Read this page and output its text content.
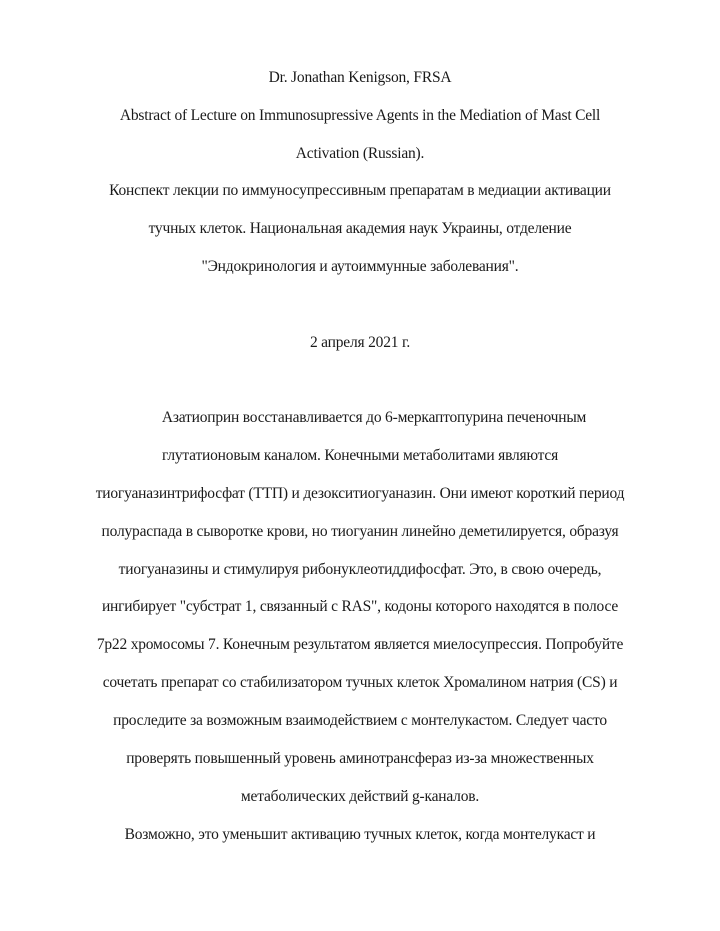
Dr. Jonathan Kenigson, FRSA
Abstract of Lecture on Immunosupressive Agents in the Mediation of Mast Cell
Activation (Russian).
Конспект лекции по иммуносупрессивным препаратам в медиации активации
тучных клеток. Национальная академия наук Украины, отделение
"Эндокринология и аутоиммунные заболевания".
2 апреля 2021 г.
Азатиоприн восстанавливается до 6-меркаптопурина печеночным
глутатионовым каналом. Конечными метаболитами являются
тиогуаназинтрифосфат (ТТП) и дезокситиогуаназин. Они имеют короткий период
полураспада в сыворотке крови, но тиогуанин линейно деметилируется, образуя
тиогуаназины и стимулируя рибонуклеотиддифосфат. Это, в свою очередь,
ингибирует "субстрат 1, связанный с RAS", кодоны которого находятся в полосе
7p22 хромосомы 7. Конечным результатом является миелосупрессия. Попробуйте
сочетать препарат со стабилизатором тучных клеток Хромалином натрия (CS) и
проследите за возможным взаимодействием с монтелукастом. Следует часто
проверять повышенный уровень аминотрансфераз из-за множественных
метаболических действий g-каналов.
Возможно, это уменьшит активацию тучных клеток, когда монтелукаст и
